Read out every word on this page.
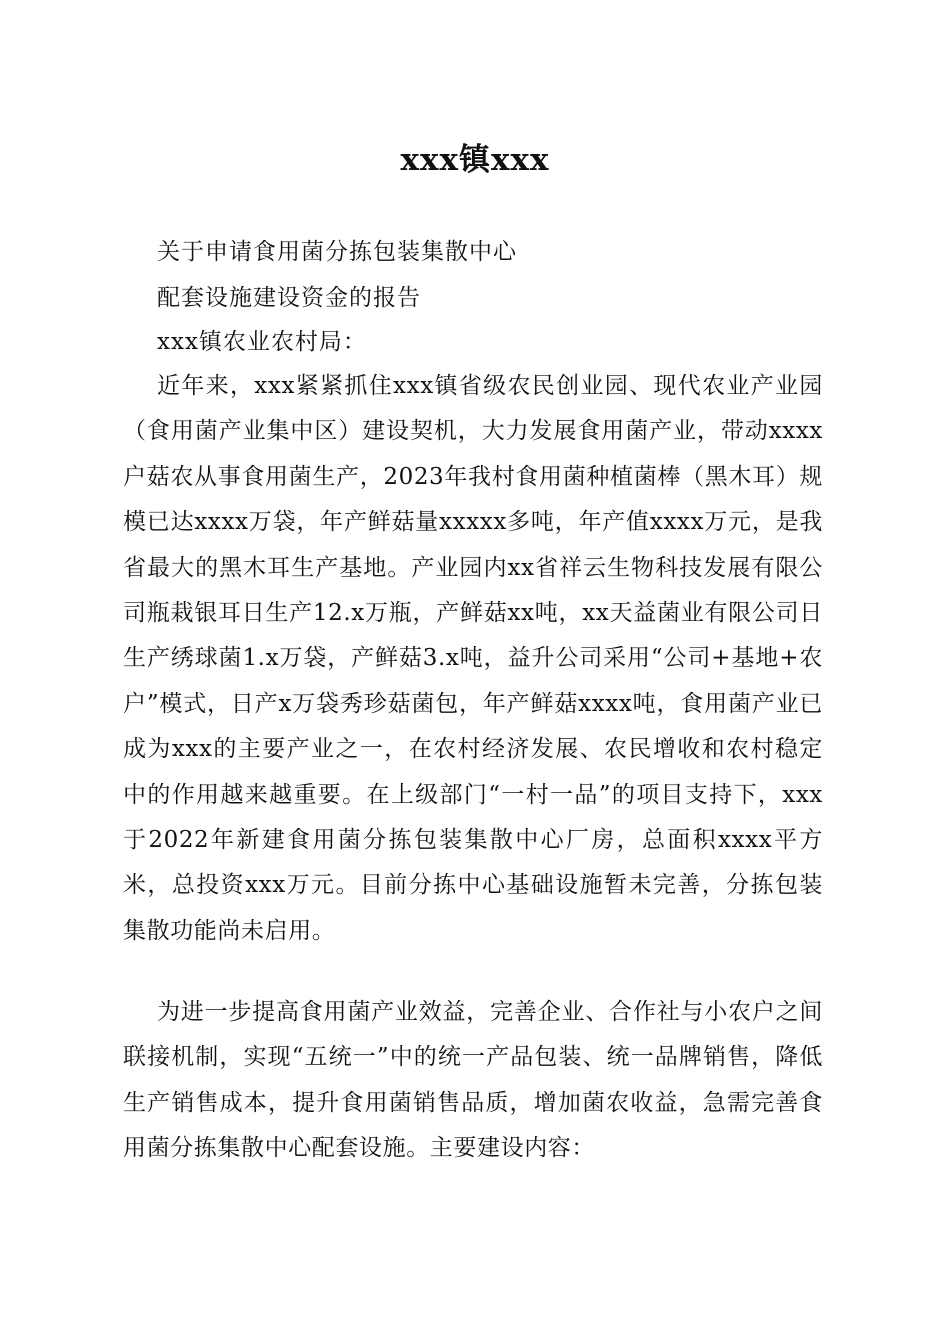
xxx镇xxx
关于申请食用菌分拣包装集散中心
配套设施建设资金的报告
xxx镇农业农村局：

近年来，xxx紧紧抓住xxx镇省级农民创业园、现代农业产业园（食用菌产业集中区）建设契机，大力发展食用菌产业，带动xxxx户菇农从事食用菌生产，2023年我村食用菌种植菌棒（黑木耳）规模已达xxxx万袋，年产鲜菇量xxxxx多吨，年产值xxxx万元，是我省最大的黑木耳生产基地。产业园内xx省祥云生物科技发展有限公司瓶栽银耳日生产12.x万瓶，产鲜菇xx吨，xx天益菌业有限公司日生产绣球菌1.x万袋，产鲜菇3.x吨，益升公司采用“公司+基地+农户”模式，日产x万袋秀珍菇菌包，年产鲜菇xxxx吨，食用菌产业已成为xxx的主要产业之一，在农村经济发展、农民增收和农村稳定中的作用越来越重要。在上级部门“一村一品”的项目支持下，xxx于2022年新建食用菌分拣包装集散中心厂房，总面积xxxx平方米，总投资xxx万元。目前分拣中心基础设施暂未完善，分拣包装集散功能尚未启用。

为进一步提高食用菌产业效益，完善企业、合作社与小农户之间联接机制，实现“五统一”中的统一产品包装、统一品牌销售，降低生产销售成本，提升食用菌销售品质，增加菌农收益，急需完善食用菌分拣集散中心配套设施。主要建设内容：
